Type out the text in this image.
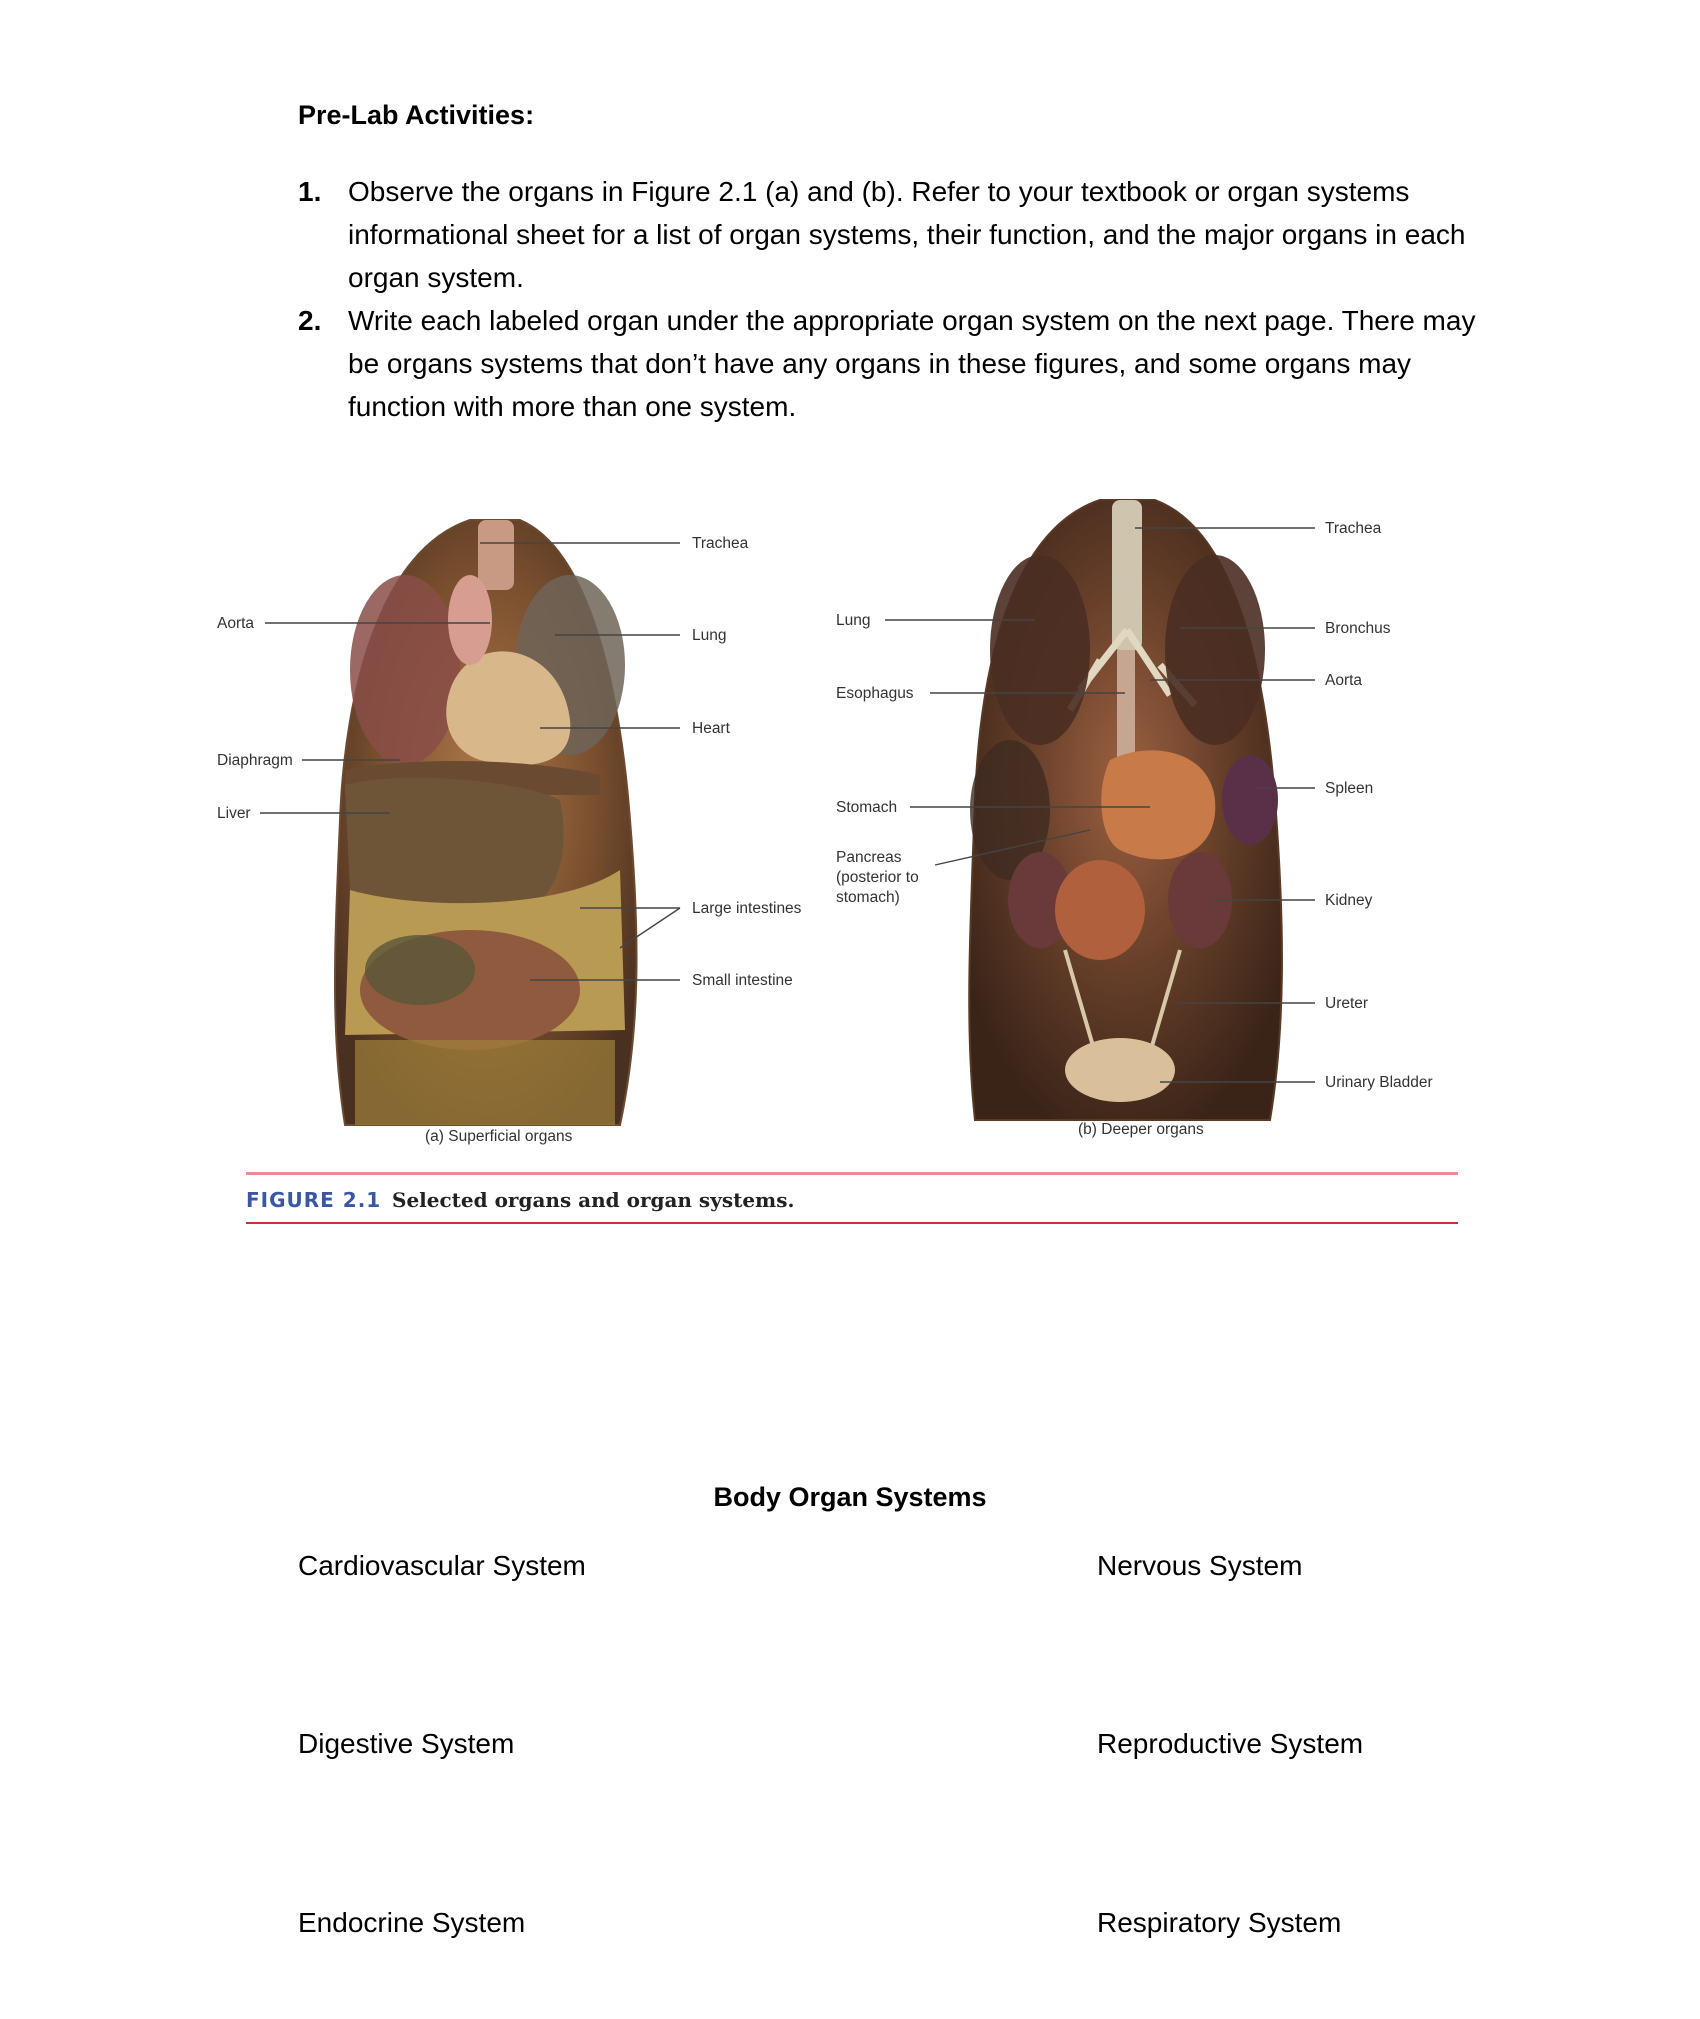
Pre-Lab Activities:
1. Observe the organs in Figure 2.1 (a) and (b). Refer to your textbook or organ systems informational sheet for a list of organ systems, their function, and the major organs in each organ system.
2. Write each labeled organ under the appropriate organ system on the next page. There may be organs systems that don’t have any organs in these figures, and some organs may function with more than one system.
Trachea
Aorta
Lung
Heart
Diaphragm
Liver
Large intestines
Small intestine
(a) Superficial organs
Trachea
Lung	Bronchus
Aorta
Esophagus
Spleen
Stomach
Pancreas
(posterior to
stomach)	Kidney
Ureter
Urinary Bladder
(b) Deeper organs
FIGURE 2.1 Selected organs and organ systems.
Body Organ Systems
Cardiovascular System	Nervous System
Digestive System	Reproductive System
Endocrine System	Respiratory System
